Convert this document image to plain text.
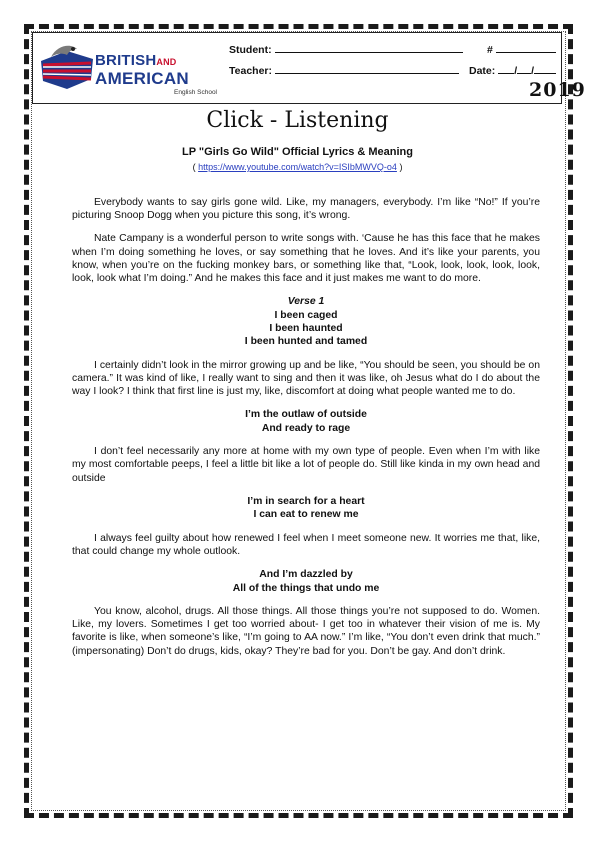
BRITISHAND
AMERICAN
English School
Student:	#
Teacher:	Date: / /
2019
Click - Listening
LP "Girls Go Wild" Official Lyrics & Meaning
( https://www.youtube.com/watch?v=ISIbMWVQ-o4 )

Everybody wants to say girls gone wild. Like, my managers, everybody. I’m like “No!” If you’re picturing Snoop Dogg when you picture this song, it’s wrong.

Nate Campany is a wonderful person to write songs with. ‘Cause he has this face that he makes when I’m doing something he loves, or say something that he loves. And it’s like your parents, you know, when you’re on the fucking monkey bars, or something like that, “Look, look, look, look, look, look, look what I’m doing.” And he makes this face and it just makes me want to do more.

Verse 1
I been caged
I been haunted
I been hunted and tamed

I certainly didn’t look in the mirror growing up and be like, “You should be seen, you should be on camera.” It was kind of like, I really want to sing and then it was like, oh Jesus what do I do about the way I look? I think that first line is just my, like, discomfort at doing what people wanted me to do.

I’m the outlaw of outside
And ready to rage

I don’t feel necessarily any more at home with my own type of people. Even when I’m with like my most comfortable peeps, I feel a little bit like a lot of people do. Still like kinda in my own head and outside

I’m in search for a heart
I can eat to renew me

I always feel guilty about how renewed I feel when I meet someone new. It worries me that, like, that could change my whole outlook.

And I’m dazzled by
All of the things that undo me

You know, alcohol, drugs. All those things. All those things you’re not supposed to do. Women. Like, my lovers. Sometimes I get too worried about- I get too in whatever their vision of me is. My favorite is like, when someone’s like, “I’m going to AA now.” I’m like, “You don’t even drink that much.” (impersonating) Don’t do drugs, kids, okay? They’re bad for you. Don’t be gay. And don’t drink.
